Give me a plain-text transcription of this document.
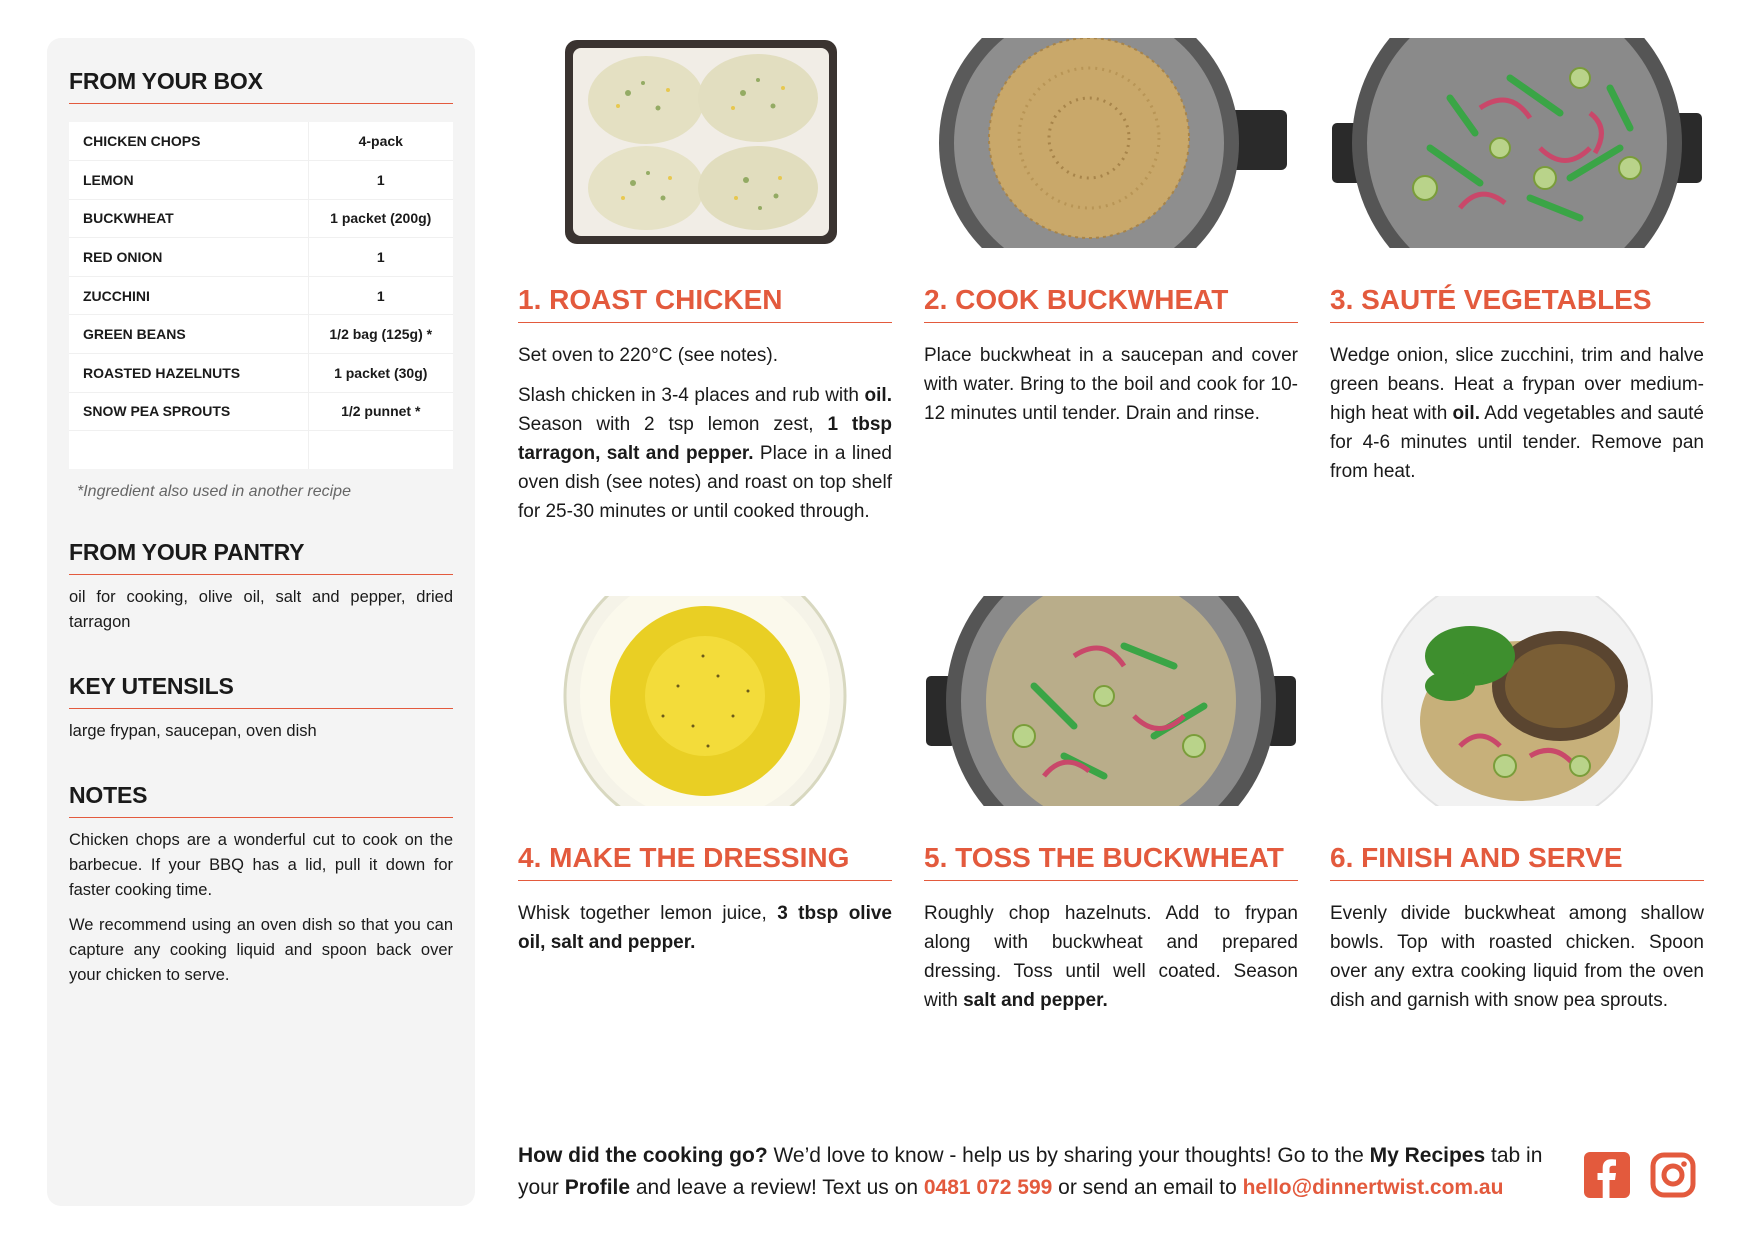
FROM YOUR BOX
CHICKEN CHOPS	4-pack
LEMON	1
BUCKWHEAT	1 packet (200g)
RED ONION	1
ZUCCHINI	1
GREEN BEANS	1/2 bag (125g) *
ROASTED HAZELNUTS	1 packet (30g)
SNOW PEA SPROUTS	1/2 punnet *

*Ingredient also used in another recipe
FROM YOUR PANTRY
oil for cooking, olive oil, salt and pepper, dried tarragon
KEY UTENSILS
large frypan, saucepan, oven dish
NOTES
Chicken chops are a wonderful cut to cook on the barbecue. If your BBQ has a lid, pull it down for faster cooking time.
We recommend using an oven dish so that you can capture any cooking liquid and spoon back over your chicken to serve.
1. ROAST CHICKEN
Set oven to 220°C (see notes).
Slash chicken in 3-4 places and rub with oil. Season with 2 tsp lemon zest, 1 tbsp tarragon, salt and pepper. Place in a lined oven dish (see notes) and roast on top shelf for 25-30 minutes or until cooked through.
2. COOK BUCKWHEAT
Place buckwheat in a saucepan and cover with water. Bring to the boil and cook for 10-12 minutes until tender. Drain and rinse.
3. SAUTÉ VEGETABLES
Wedge onion, slice zucchini, trim and halve green beans. Heat a frypan over medium-high heat with oil. Add vegetables and sauté for 4-6 minutes until tender. Remove pan from heat.
4. MAKE THE DRESSING
Whisk together lemon juice, 3 tbsp olive oil, salt and pepper.
5. TOSS THE BUCKWHEAT
Roughly chop hazelnuts. Add to frypan along with buckwheat and prepared dressing. Toss until well coated. Season with salt and pepper.
6. FINISH AND SERVE
Evenly divide buckwheat among shallow bowls. Top with roasted chicken. Spoon over any extra cooking liquid from the oven dish and garnish with snow pea sprouts.
How did the cooking go? We’d love to know - help us by sharing your thoughts! Go to the My Recipes tab in your Profile and leave a review! Text us on 0481 072 599 or send an email to hello@dinnertwist.com.au
